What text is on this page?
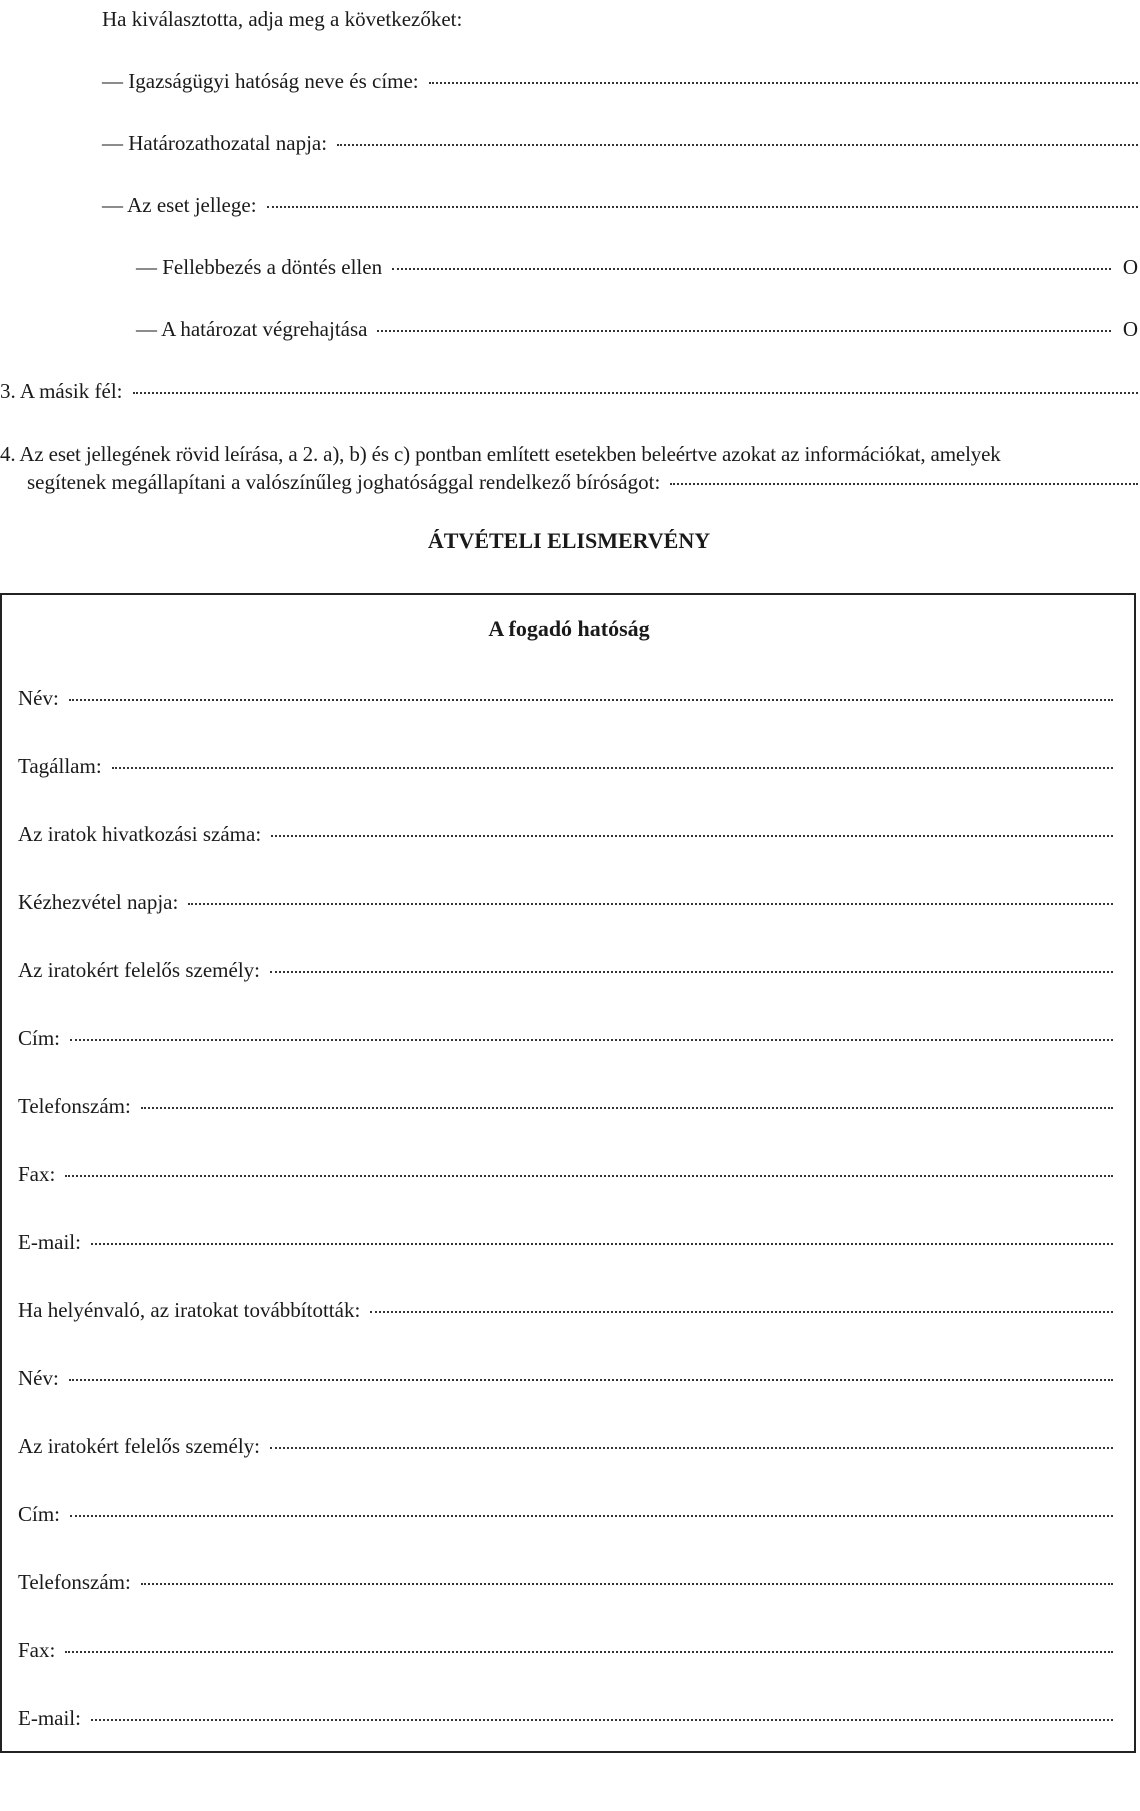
Ha kiválasztotta, adja meg a következőket:
— Igazságügyi hatóság neve és címe:
— Határozathozatal napja:
— Az eset jellege:
— Fellebbezés a döntés ellen	O
— A határozat végrehajtása	O
3. A másik fél:
4. Az eset jellegének rövid leírása, a 2. a), b) és c) pontban említett esetekben beleértve azokat az információkat, amelyek
segítenek megállapítani a valószínűleg joghatósággal rendelkező bíróságot:
ÁTVÉTELI ELISMERVÉNY
A fogadó hatóság
Név:
Tagállam:
Az iratok hivatkozási száma:
Kézhezvétel napja:
Az iratokért felelős személy:
Cím:
Telefonszám:
Fax:
E-mail:
Ha helyénvaló, az iratokat továbbították:
Név:
Az iratokért felelős személy:
Cím:
Telefonszám:
Fax:
E-mail:
